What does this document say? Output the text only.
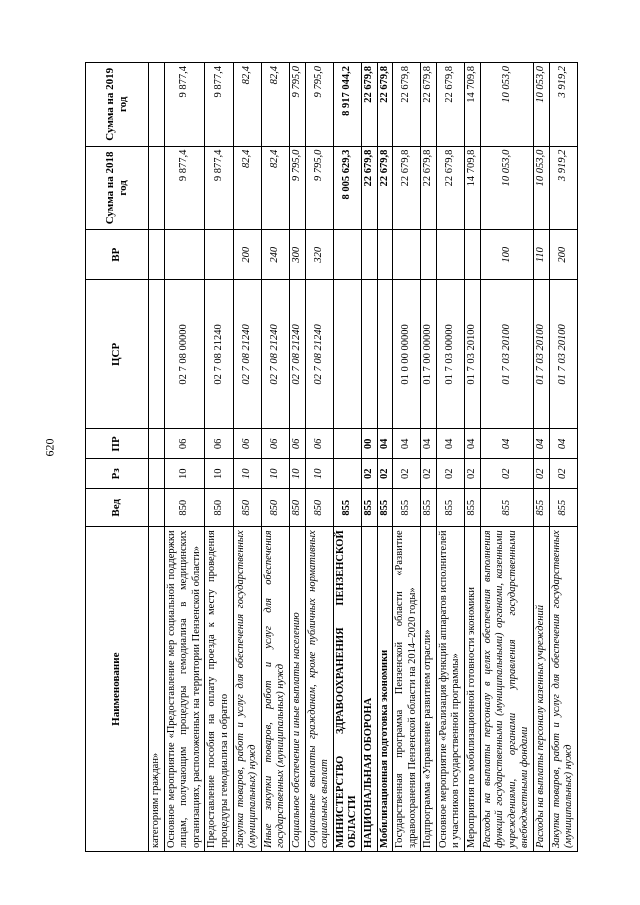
620
Наименование	Вед	Рз	ПР	ЦСР	ВР	Сумма на 2018 год	Сумма на 2019 год
категориям граждан»							
Основное мероприятие «Предоставление мер социальной поддержки лицам, получающим процедуры гемодиализа в медицинских организациях, расположенных на территории Пензенской области»	850	10	06	02 7 08 00000		9 877,4	9 877,4
Предоставление пособия на оплату проезда к месту проведения процедуры гемодиализа и обратно	850	10	06	02 7 08 21240		9 877,4	9 877,4
Закупка товаров, работ и услуг для обеспечения государственных (муниципальных) нужд	850	10	06	02 7 08 21240	200	82,4	82,4
Иные закупки товаров, работ и услуг для обеспечения государственных (муниципальных) нужд	850	10	06	02 7 08 21240	240	82,4	82,4
Социальное обеспечение и иные выплаты населению	850	10	06	02 7 08 21240	300	9 795,0	9 795,0
Социальные выплаты гражданам, кроме публичных нормативных социальных выплат	850	10	06	02 7 08 21240	320	9 795,0	9 795,0
МИНИСТЕРСТВО ЗДРАВООХРАНЕНИЯ ПЕНЗЕНСКОЙ ОБЛАСТИ	855					8 005 629,3	8 917 044,2
НАЦИОНАЛЬНАЯ ОБОРОНА	855	02	00			22 679,8	22 679,8
Мобилизационная подготовка экономики	855	02	04			22 679,8	22 679,8
Государственная программа Пензенской области «Развитие здравоохранения Пензенской области на 2014–2020 годы»	855	02	04	01 0 00 00000		22 679,8	22 679,8
Подпрограмма «Управление развитием отрасли»	855	02	04	01 7 00 00000		22 679,8	22 679,8
Основное мероприятие «Реализация функций аппаратов исполнителей и участников государственной программы»	855	02	04	01 7 03 00000		22 679,8	22 679,8
Мероприятия по мобилизационной готовности экономики	855	02	04	01 7 03 20100		14 709,8	14 709,8
Расходы на выплаты персоналу в целях обеспечения выполнения функций государственными (муниципальными) органами, казенными учреждениями, органами управления государственными внебюджетными фондами	855	02	04	01 7 03 20100	100	10 053,0	10 053,0
Расходы на выплаты персоналу казенных учреждений	855	02	04	01 7 03 20100	110	10 053,0	10 053,0
Закупка товаров, работ и услуг для обеспечения государственных (муниципальных) нужд	855	02	04	01 7 03 20100	200	3 919,2	3 919,2
